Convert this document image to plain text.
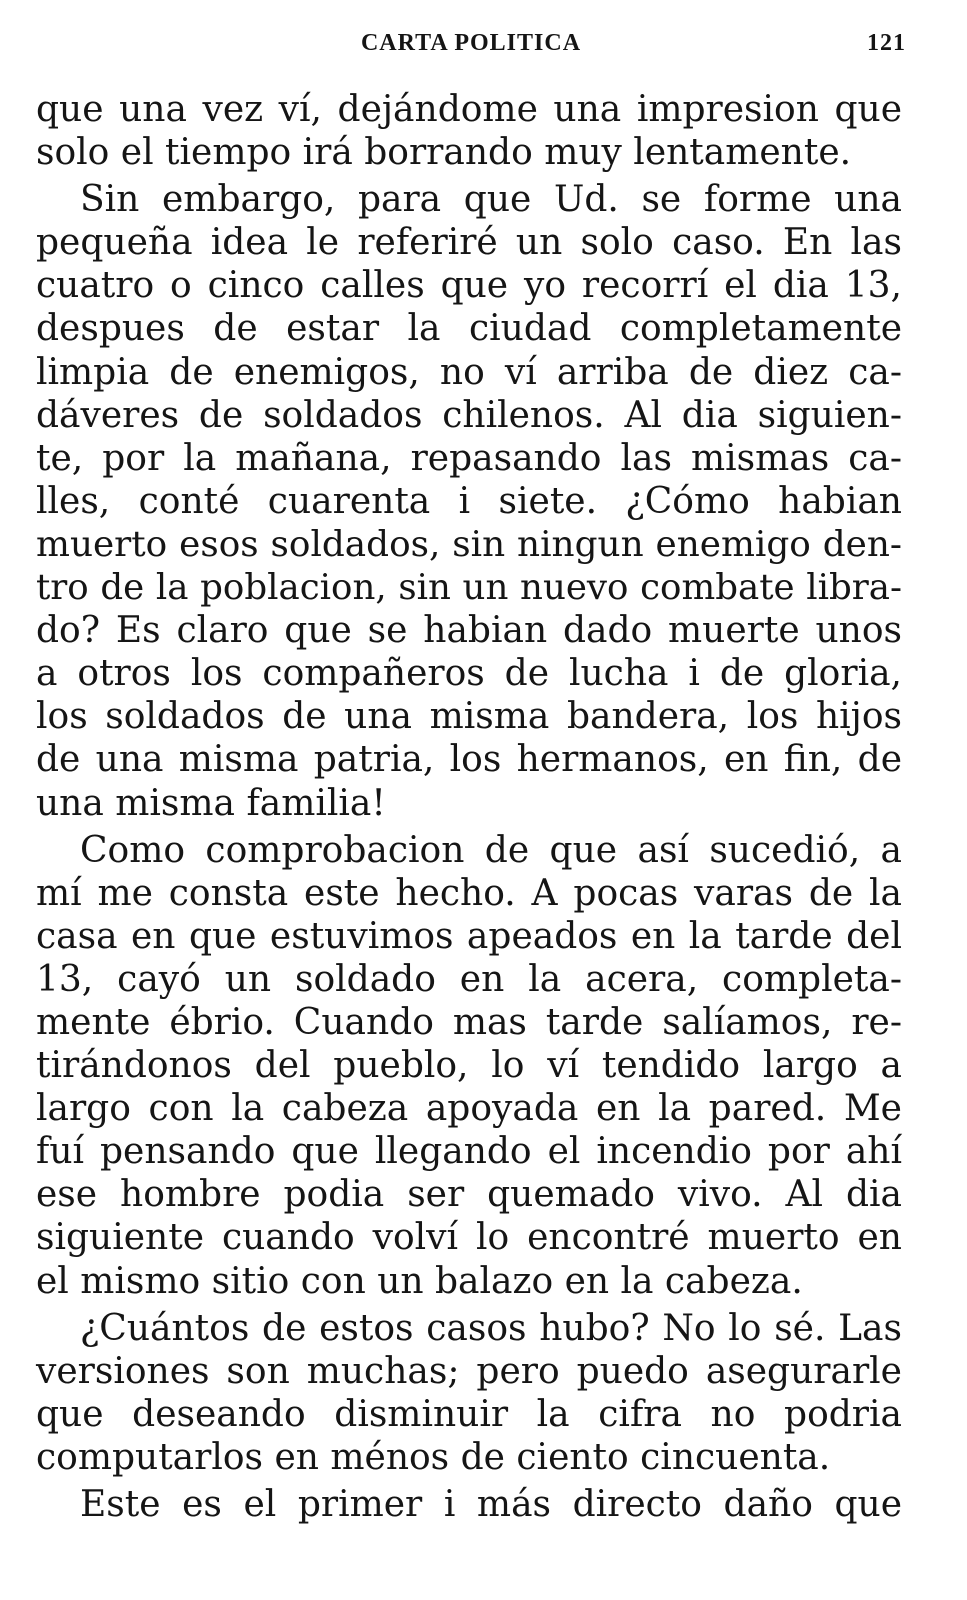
CARTA POLITICA	121
que una vez ví, dejándome una impresion que
solo el tiempo irá borrando muy lentamente.
Sin embargo, para que Ud. se forme una
pequeña idea le referiré un solo caso. En las
cuatro o cinco calles que yo recorrí el dia 13,
despues de estar la ciudad completamente
limpia de enemigos, no ví arriba de diez ca-
dáveres de soldados chilenos. Al dia siguien-
te, por la mañana, repasando las mismas ca-
lles, conté cuarenta i siete. ¿Cómo habian
muerto esos soldados, sin ningun enemigo den-
tro de la poblacion, sin un nuevo combate libra-
do? Es claro que se habian dado muerte unos
a otros los compañeros de lucha i de gloria,
los soldados de una misma bandera, los hijos
de una misma patria, los hermanos, en fin, de
una misma familia!
Como comprobacion de que así sucedió, a
mí me consta este hecho. A pocas varas de la
casa en que estuvimos apeados en la tarde del
13, cayó un soldado en la acera, completa-
mente ébrio. Cuando mas tarde salíamos, re-
tirándonos del pueblo, lo ví tendido largo a
largo con la cabeza apoyada en la pared. Me
fuí pensando que llegando el incendio por ahí
ese hombre podia ser quemado vivo. Al dia
siguiente cuando volví lo encontré muerto en
el mismo sitio con un balazo en la cabeza.
¿Cuántos de estos casos hubo? No lo sé. Las
versiones son muchas; pero puedo asegurarle
que deseando disminuir la cifra no podria
computarlos en ménos de ciento cincuenta.
Este es el primer i más directo daño que
